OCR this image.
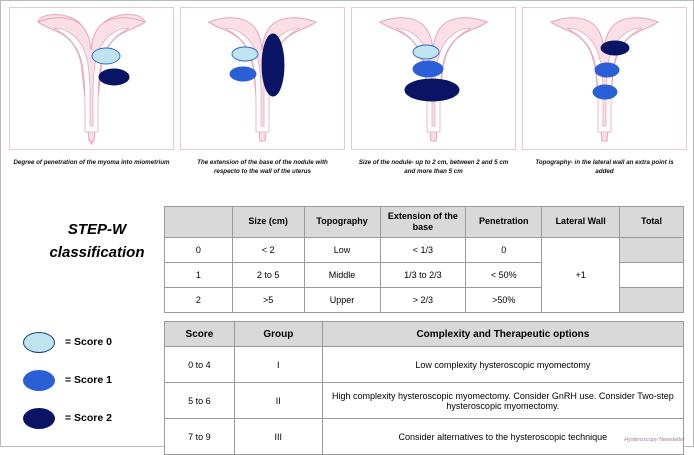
Degree of penetration of the myoma into miometrium	The extension of the base of the nodule with respecto to the wall of the uterus
Size of the nodule- up to 2 cm, between 2 and 5 cm and more than 5 cm
Topography- in the lateral wall an extra point is added
STEP-W
classification
= Score 0
= Score 1
= Score 2
	Size (cm)	Topography	Extension of the base	Penetration	Lateral Wall	Total
0	< 2	Low	< 1/3	0	+1	
1	2 to 5	Middle	1/3 to 2/3	< 50%		
2	>5	Upper	> 2/3	>50%		
Score	Group	Complexity and Therapeutic options
0 to 4	I	Low complexity hysteroscopic myomectomy
5 to 6	II	High complexity hysteroscopic myomectomy. Consider GnRH use. Consider Two-step hysteroscopic myomectomy.
7 to 9	III	Consider alternatives to the hysteroscopic technique	Hysteroscopy Newsletter
